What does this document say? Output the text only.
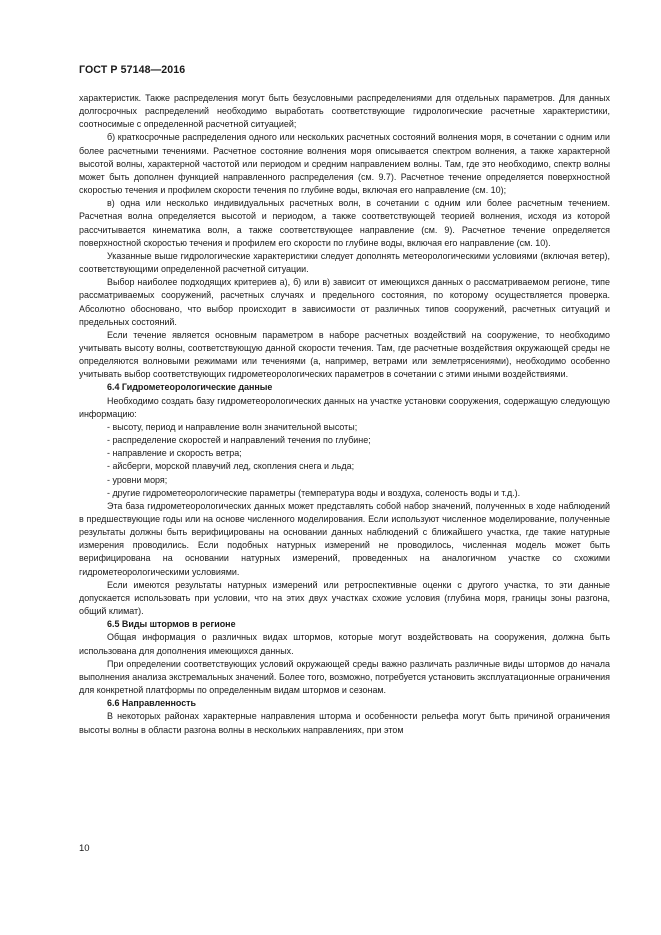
ГОСТ Р 57148—2016

характеристик. Также распределения могут быть безусловными распределениями для отдельных параметров. Для данных долгосрочных распределений необходимо выработать соответствующие гидрологические расчетные характеристики, соотносимые с определенной расчетной ситуацией;

б) краткосрочные распределения одного или нескольких расчетных состояний волнения моря, в сочетании с одним или более расчетными течениями. Расчетное состояние волнения моря описывается спектром волнения, а также характерной высотой волны, характерной частотой или периодом и средним направлением волны. Там, где это необходимо, спектр волны может быть дополнен функцией направленного распределения (см. 9.7). Расчетное течение определяется поверхностной скоростью течения и профилем скорости течения по глубине воды, включая его направление (см. 10);

в) одна или несколько индивидуальных расчетных волн, в сочетании с одним или более расчетным течением. Расчетная волна определяется высотой и периодом, а также соответствующей теорией волнения, исходя из которой рассчитывается кинематика волн, а также соответствующее направление (см. 9). Расчетное течение определяется поверхностной скоростью течения и профилем его скорости по глубине воды, включая его направление (см. 10).

Указанные выше гидрологические характеристики следует дополнять метеорологическими условиями (включая ветер), соответствующими определенной расчетной ситуации.

Выбор наиболее подходящих критериев а), б) или в) зависит от имеющихся данных о рассматриваемом регионе, типе рассматриваемых сооружений, расчетных случаях и предельного состояния, по которому осуществляется проверка. Абсолютно обосновано, что выбор происходит в зависимости от различных типов сооружений, расчетных ситуаций и предельных состояний.

Если течение является основным параметром в наборе расчетных воздействий на сооружение, то необходимо учитывать высоту волны, соответствующую данной скорости течения. Там, где расчетные воздействия окружающей среды не определяются волновыми режимами или течениями (а, например, ветрами или землетрясениями), необходимо особенно учитывать выбор соответствующих гидрометеорологических параметров в сочетании с этими иными воздействиями.

6.4 Гидрометеорологические данные

Необходимо создать базу гидрометеорологических данных на участке установки сооружения, содержащую следующую информацию:

- высоту, период и направление волн значительной высоты;

- распределение скоростей и направлений течения по глубине;

- направление и скорость ветра;

- айсберги, морской плавучий лед, скопления снега и льда;

- уровни моря;

- другие гидрометеорологические параметры (температура воды и воздуха, соленость воды и т.д.).

Эта база гидрометеорологических данных может представлять собой набор значений, полученных в ходе наблюдений в предшествующие годы или на основе численного моделирования. Если используют численное моделирование, полученные результаты должны быть верифицированы на основании данных наблюдений с ближайшего участка, где такие натурные измерения проводились. Если подобных натурных измерений не проводилось, численная модель может быть верифицирована на основании натурных измерений, проведенных на аналогичном участке со схожими гидрометеорологическими условиями.

Если имеются результаты натурных измерений или ретроспективные оценки с другого участка, то эти данные допускается использовать при условии, что на этих двух участках схожие условия (глубина моря, границы зоны разгона, общий климат).

6.5 Виды штормов в регионе

Общая информация о различных видах штормов, которые могут воздействовать на сооружения, должна быть использована для дополнения имеющихся данных.

При определении соответствующих условий окружающей среды важно различать различные виды штормов до начала выполнения анализа экстремальных значений. Более того, возможно, потребуется установить эксплуатационные ограничения для конкретной платформы по определенным видам штормов и сезонам.

6.6 Направленность

В некоторых районах характерные направления шторма и особенности рельефа могут быть причиной ограничения высоты волны в области разгона волны в нескольких направлениях, при этом

10
